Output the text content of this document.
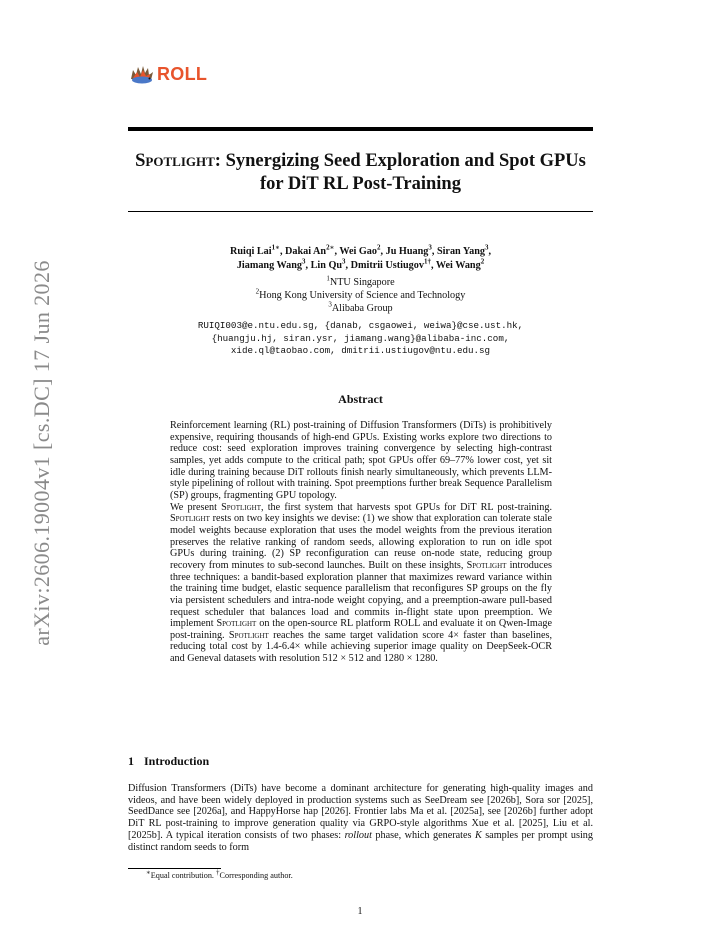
ROLL
Spotlight: Synergizing Seed Exploration and Spot GPUs for DiT RL Post-Training
Ruiqi Lai$^{1∗}$, Dakai $An^{2∗}$, Wei Gao$^2$, Ju Huang$^3$, Siran Yang$^3$,
Jiamang Wang$^3$, Lin Qu$^3$, Dmitrii Ustiugov$^{1\dagger}$, Wei Wang$^2$
$^1$NTU Singapore
$^2$Hong Kong University of Science and Technology
$^3$Alibaba Group
RUIQI003@e.ntu.edu.sg, {danab, csgaowei, weiwa}@cse.ust.hk,
{huangju.hj, siran.ysr, jiamang.wang}@alibaba-inc.com,
xide.ql@taobao.com, dmitrii.ustiugov@ntu.edu.sg
Abstract

Reinforcement learning (RL) post-training of Diffusion Transformers (DiTs) is prohibitively expensive, requiring thousands of high-end GPUs. Existing works explore two directions to reduce cost: seed exploration improves training convergence by selecting high-contrast samples, yet adds compute to the critical path; spot GPUs offer 69–77% lower cost, yet sit idle during training because DiT rollouts finish nearly simultaneously, which prevents LLM-style pipelining of rollout with training. Spot preemptions further break Sequence Parallelism (SP) groups, fragmenting GPU topology.

We present Spotlight, the first system that harvests spot GPUs for DiT RL post-training. Spotlight rests on two key insights we devise: (1) we show that exploration can tolerate stale model weights because exploration that uses the model weights from the previous iteration preserves the relative ranking of random seeds, allowing exploration to run on idle spot GPUs during training. (2) SP reconfiguration can reuse on-node state, reducing group recovery from minutes to sub-second launches. Built on these insights, Spotlight introduces three techniques: a bandit-based exploration planner that maximizes reward variance within the training time budget, elastic sequence parallelism that reconfigures SP groups on the fly via persistent schedulers and intra-node weight copying, and a preemption-aware pull-based request scheduler that balances load and commits in-flight state upon preemption. We implement Spotlight on the open-source RL platform ROLL and evaluate it on Qwen-Image post-training. Spotlight reaches the same target validation score 4× faster than baselines, reducing total cost by 1.4-6.4× while achieving superior image quality on DeepSeek-OCR and Geneval datasets with resolution 512 × 512 and 1280 × 1280.

1 Introduction

Diffusion Transformers (DiTs) have become a dominant architecture for generating high-quality images and videos, and have been widely deployed in production systems such as SeeDream see [2026b], Sora sor [2025], SeedDance see [2026a], and HappyHorse hap [2026]. Frontier labs Ma et al. [2025a], see [2026b] further adopt DiT RL post-training to improve generation quality via GRPO-style algorithms Xue et al. [2025], Liu et al. [2025b]. A typical iteration consists of two phases: rollout phase, which generates K samples per prompt using distinct random seeds to form

∗Equal contribution. †Corresponding author.
1
arXiv:2606.19004v1 [cs.DC] 17 Jun 2026
